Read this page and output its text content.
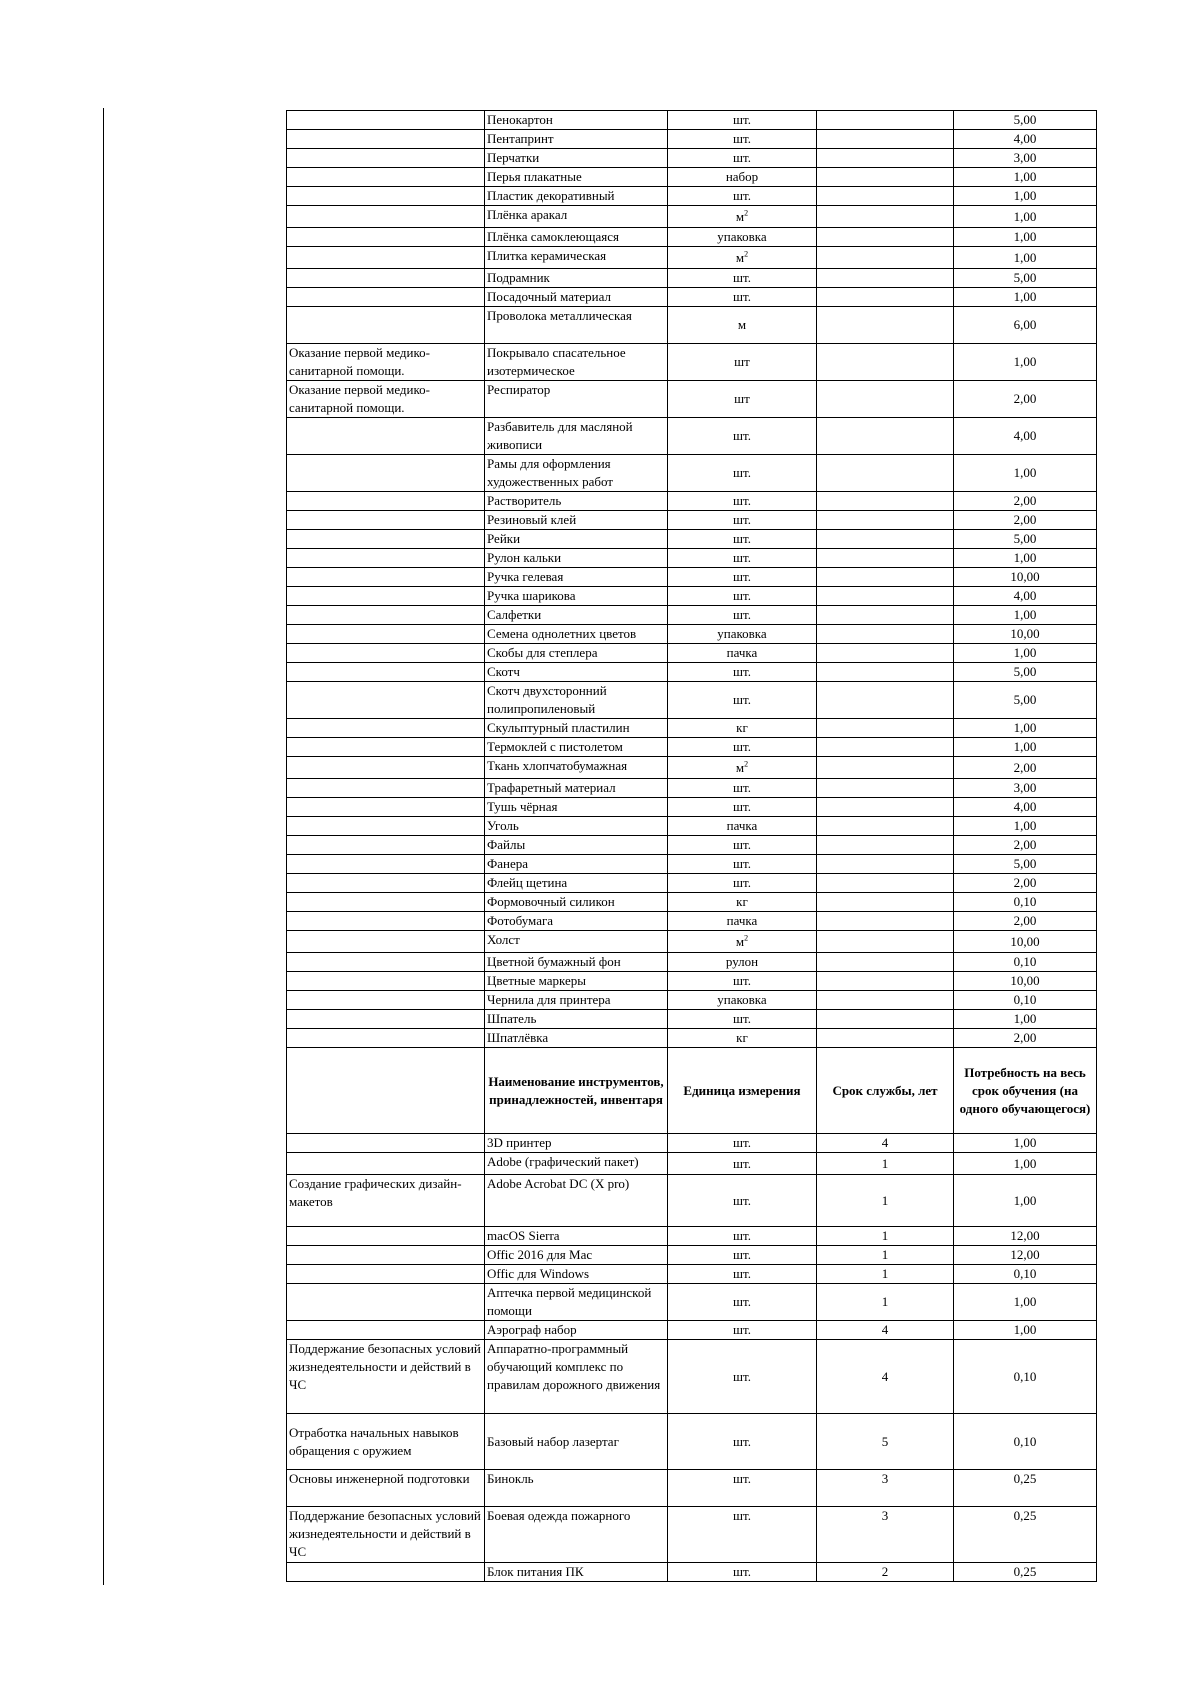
	Пенокартон	шт.		5,00
	Пентапринт	шт.		4,00
	Перчатки	шт.		3,00
	Перья плакатные	набор		1,00
	Пластик декоративный	шт.		1,00
	Плёнка аракал	$м^2$		1,00
	Плёнка самоклеющаяся	упаковка		1,00
	Плитка керамическая	$м^2$		1,00
	Подрамник	шт.		5,00
	Посадочный материал	шт.		1,00
	Проволока металлическая	м		6,00
Оказание первой медико-санитарной помощи.	Покрывало спасательное изотермическое	шт		1,00
Оказание первой медико-санитарной помощи.	Респиратор	шт		2,00
	Разбавитель для масляной живописи	шт.		4,00
	Рамы для оформления художественных работ	шт.		1,00
	Растворитель	шт.		2,00
	Резиновый клей	шт.		2,00
	Рейки	шт.		5,00
	Рулон кальки	шт.		1,00
	Ручка гелевая	шт.		10,00
	Ручка шарикова	шт.		4,00
	Салфетки	шт.		1,00
	Семена однолетних цветов	упаковка		10,00
	Скобы для степлера	пачка		1,00
	Скотч	шт.		5,00
	Скотч двухсторонний полипропиленовый	шт.		5,00
	Скульптурный пластилин	кг		1,00
	Термоклей с пистолетом	шт.		1,00
	Ткань хлопчатобумажная	$м^2$		2,00
	Трафаретный материал	шт.		3,00
	Тушь чёрная	шт.		4,00
	Уголь	пачка		1,00
	Файлы	шт.		2,00
	Фанера	шт.		5,00
	Флейц щетина	шт.		2,00
	Формовочный силикон	кг		0,10
	Фотобумага	пачка		2,00
	Холст	$м^2$		10,00
	Цветной бумажный фон	рулон		0,10
	Цветные маркеры	шт.		10,00
	Чернила для принтера	упаковка		0,10
	Шпатель	шт.		1,00
	Шпатлёвка	кг		2,00
	Наименование инструментов, принадлежностей, инвентаря	Единица измерения	Срок службы, лет	Потребность на весь срок обучения (на одного обучающегося)
	3D принтер	шт.	4	1,00
	Adobe (графический пакет)	шт.	1	1,00
Создание графических дизайн-макетов	Adobe Acrobat DC (X pro)	шт.	1	1,00
	macOS Sierra	шт.	1	12,00
	Offic 2016 для Mac	шт.	1	12,00
	Offic для Windows	шт.	1	0,10
	Аптечка первой медицинской помощи	шт.	1	1,00
	Аэрограф набор	шт.	4	1,00
Поддержание безопасных условий жизнедеятельности и действий в ЧС	Аппаратно-программный обучающий комплекс по правилам дорожного движения	шт.	4	0,10
Отработка начальных навыков обращения с оружием	Базовый набор лазертаг	шт.	5	0,10
Основы инженерной подготовки	Бинокль	шт.	3	0,25
Поддержание безопасных условий жизнедеятельности и действий в ЧС	Боевая одежда пожарного	шт.	3	0,25
	Блок питания ПК	шт.	2	0,25
